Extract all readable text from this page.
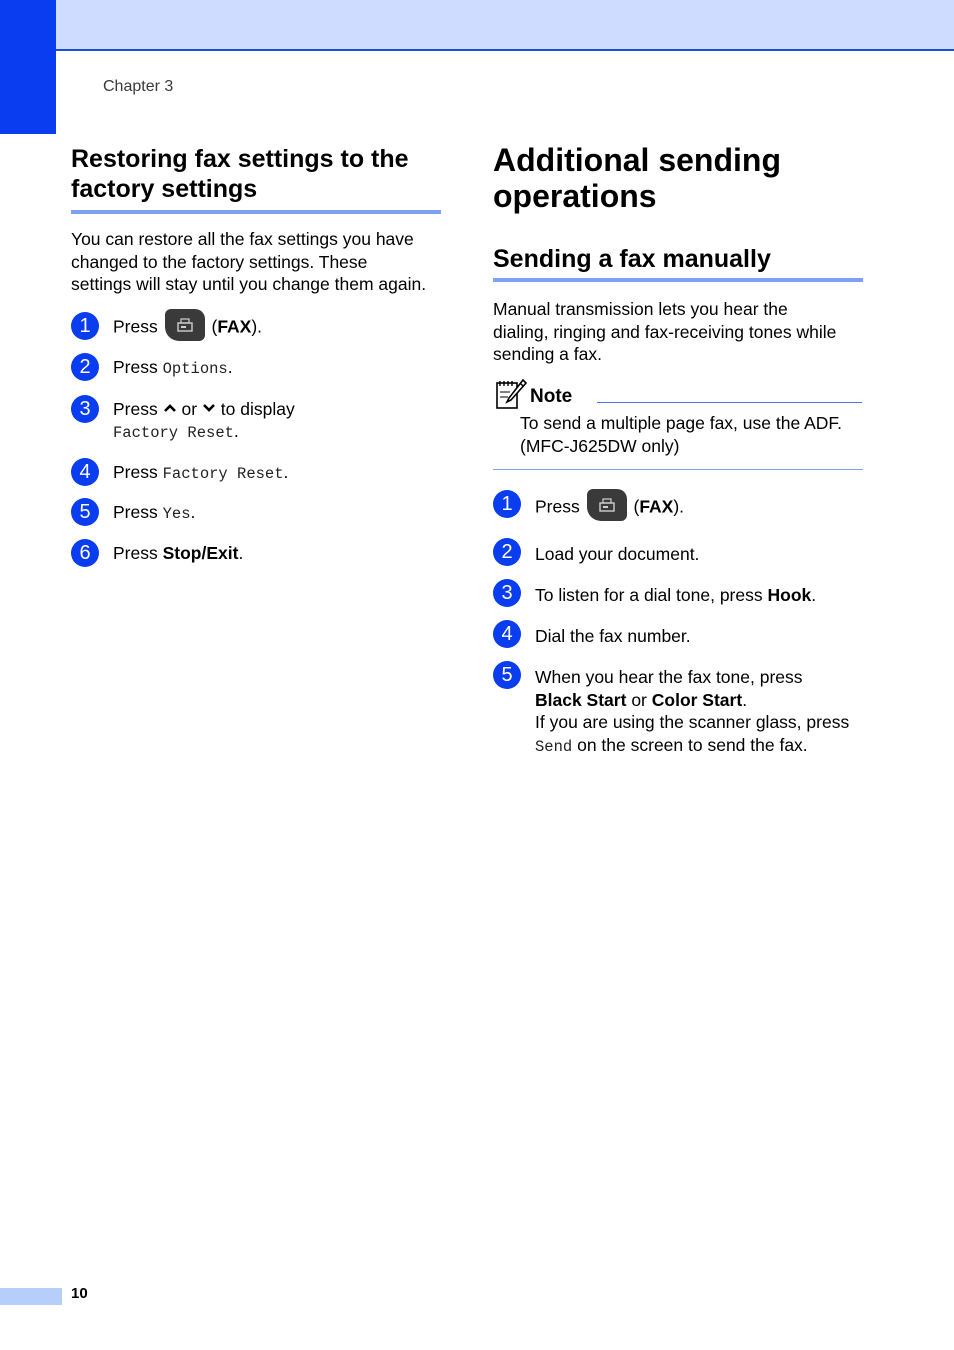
Chapter 3
Restoring fax settings to the
factory settings
You can restore all the fax settings you have
changed to the factory settings. These
settings will stay until you change them again.
1	Press	(FAX).
2	Press Options.
3	Press or to display
Factory Reset.
4	Press Factory Reset.
5	Press Yes.
6	Press Stop/Exit.
Additional sending
operations
Sending a fax manually
Manual transmission lets you hear the
dialing, ringing and fax-receiving tones while
sending a fax.
Note
To send a multiple page fax, use the ADF.
(MFC-J625DW only)
1	Press	(FAX).
2	Load your document.
3	To listen for a dial tone, press Hook.
4	Dial the fax number.
5	When you hear the fax tone, press
Black Start or Color Start.
If you are using the scanner glass, press
Send on the screen to send the fax.
10
